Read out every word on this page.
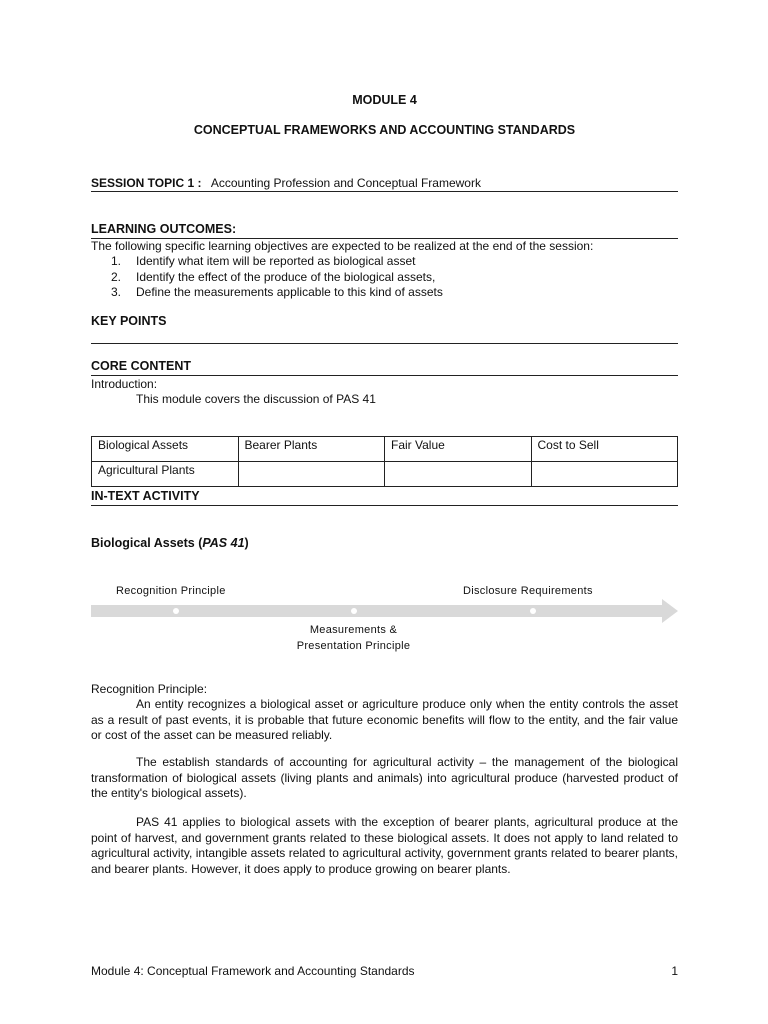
MODULE 4
CONCEPTUAL FRAMEWORKS AND ACCOUNTING STANDARDS
SESSION TOPIC 1 : Accounting Profession and Conceptual Framework
LEARNING OUTCOMES:
The following specific learning objectives are expected to be realized at the end of the session:
1. Identify what item will be reported as biological asset
2. Identify the effect of the produce of the biological assets,
3. Define the measurements applicable to this kind of assets
KEY POINTS
CORE CONTENT
Introduction:
This module covers the discussion of PAS 41
Biological Assets	Bearer Plants	Fair Value	Cost to Sell
Agricultural Plants			
IN-TEXT ACTIVITY
Biological Assets (PAS 41)
Recognition Principle	Disclosure Requirements
Measurements &
Presentation Principle
Recognition Principle:
An entity recognizes a biological asset or agriculture produce only when the entity controls the asset as a result of past events, it is probable that future economic benefits will flow to the entity, and the fair value or cost of the asset can be measured reliably.
The establish standards of accounting for agricultural activity – the management of the biological transformation of biological assets (living plants and animals) into agricultural produce (harvested product of the entity's biological assets).
PAS 41 applies to biological assets with the exception of bearer plants, agricultural produce at the point of harvest, and government grants related to these biological assets. It does not apply to land related to agricultural activity, intangible assets related to agricultural activity, government grants related to bearer plants, and bearer plants. However, it does apply to produce growing on bearer plants.
Module 4: Conceptual Framework and Accounting Standards	1
